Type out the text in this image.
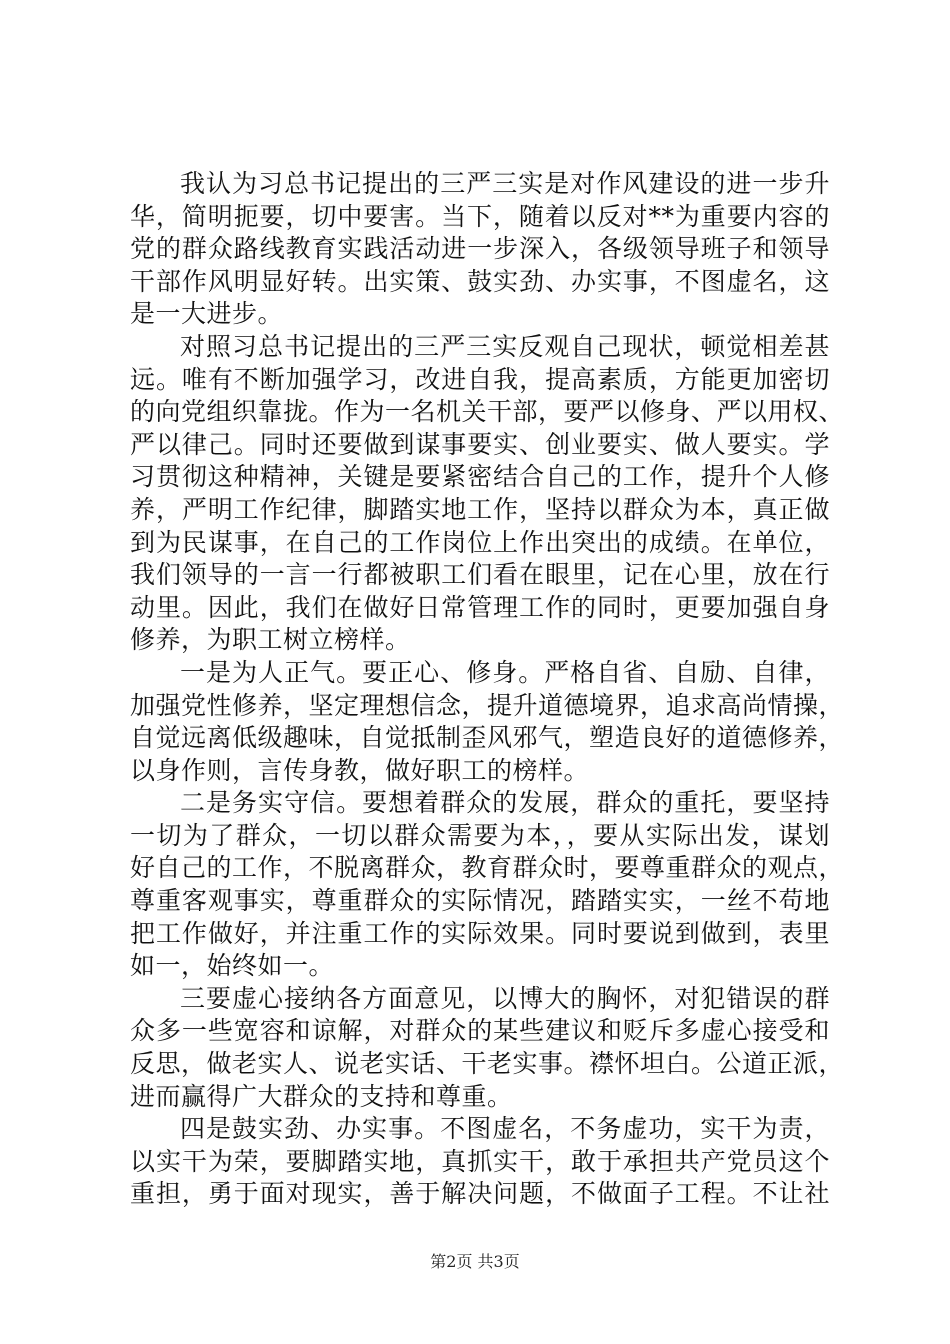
我认为习总书记提出的三严三实是对作风建设的进一步升
华，简明扼要，切中要害。当下，随着以反对**为重要内容的
党的群众路线教育实践活动进一步深入，各级领导班子和领导
干部作风明显好转。出实策、鼓实劲、办实事，不图虚名，这
是一大进步。
对照习总书记提出的三严三实反观自己现状，顿觉相差甚
远。唯有不断加强学习，改进自我，提高素质，方能更加密切
的向党组织靠拢。作为一名机关干部，要严以修身、严以用权、
严以律己。同时还要做到谋事要实、创业要实、做人要实。学
习贯彻这种精神，关键是要紧密结合自己的工作，提升个人修
养，严明工作纪律，脚踏实地工作，坚持以群众为本，真正做
到为民谋事，在自己的工作岗位上作出突出的成绩。在单位，
我们领导的一言一行都被职工们看在眼里，记在心里，放在行
动里。因此，我们在做好日常管理工作的同时，更要加强自身
修养，为职工树立榜样。
一是为人正气。要正心、修身。严格自省、自励、自律，
加强党性修养，坚定理想信念，提升道德境界，追求高尚情操，
自觉远离低级趣味，自觉抵制歪风邪气，塑造良好的道德修养，
以身作则，言传身教，做好职工的榜样。
二是务实守信。要想着群众的发展，群众的重托，要坚持
一切为了群众，一切以群众需要为本，，要从实际出发，谋划
好自己的工作，不脱离群众，教育群众时，要尊重群众的观点，
尊重客观事实，尊重群众的实际情况，踏踏实实，一丝不苟地
把工作做好，并注重工作的实际效果。同时要说到做到，表里
如一，始终如一。
三要虚心接纳各方面意见，以博大的胸怀，对犯错误的群
众多一些宽容和谅解，对群众的某些建议和贬斥多虚心接受和
反思，做老实人、说老实话、干老实事。襟怀坦白。公道正派，
进而赢得广大群众的支持和尊重。
四是鼓实劲、办实事。不图虚名，不务虚功，实干为责，
以实干为荣，要脚踏实地，真抓实干，敢于承担共产党员这个
重担，勇于面对现实，善于解决问题，不做面子工程。不让社
第2页 共3页
